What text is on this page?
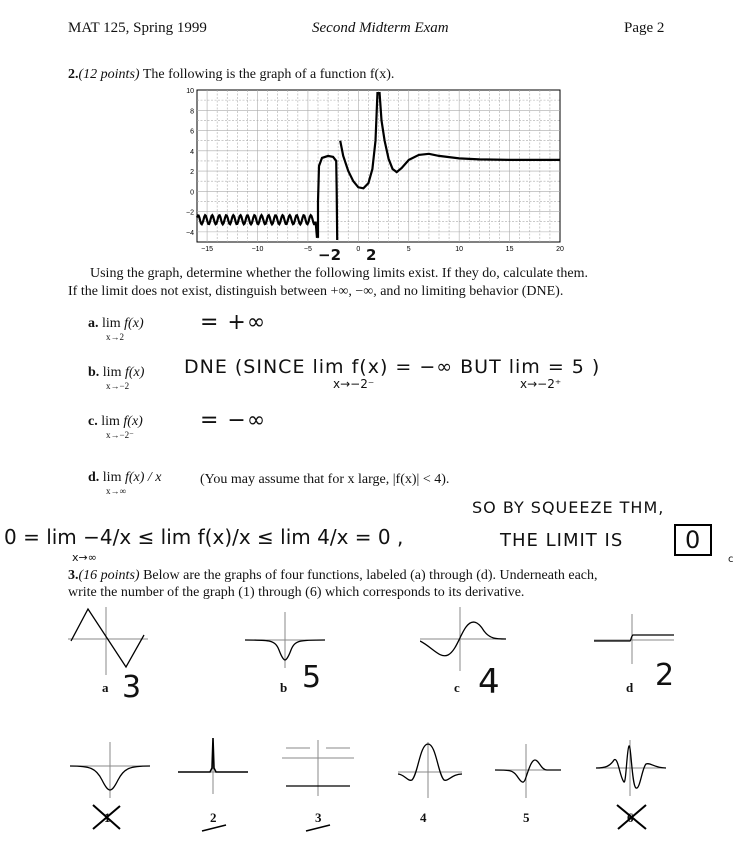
MAT 125, Spring 1999	Second Midterm Exam	Page 2
2.(12 points) The following is the graph of a function f(x).
10
8
6
4
2
0
−2
−4
−15	−10	−5	0	5	10	15	20
−2 2
Using the graph, determine whether the following limits exist. If they do, calculate them.
If the limit does not exist, distinguish between +∞, −∞, and no limiting behavior (DNE).
a. lim f(x)
x→2
= +∞
b. lim f(x)
x→−2
DNE (SINCE lim f(x) = −∞ BUT lim = 5 )
x→−2⁻	x→−2⁺
c. lim f(x)
x→−2⁻
= −∞
d. lim f(x) / x
x→∞
(You may assume that for x large, |f(x)| < 4).
0 = lim −4/x ≤ lim f(x)/x ≤ lim 4/x = 0 ,
x→∞
SO BY SQUEEZE THM,
THE LIMIT IS	0
c
3.(16 points) Below are the graphs of four functions, labeled (a) through (d). Underneath each,
write the number of the graph (1) through (6) which corresponds to its derivative.
a 3	b 5	c 4	d 2
1	2	3	4	5	6
